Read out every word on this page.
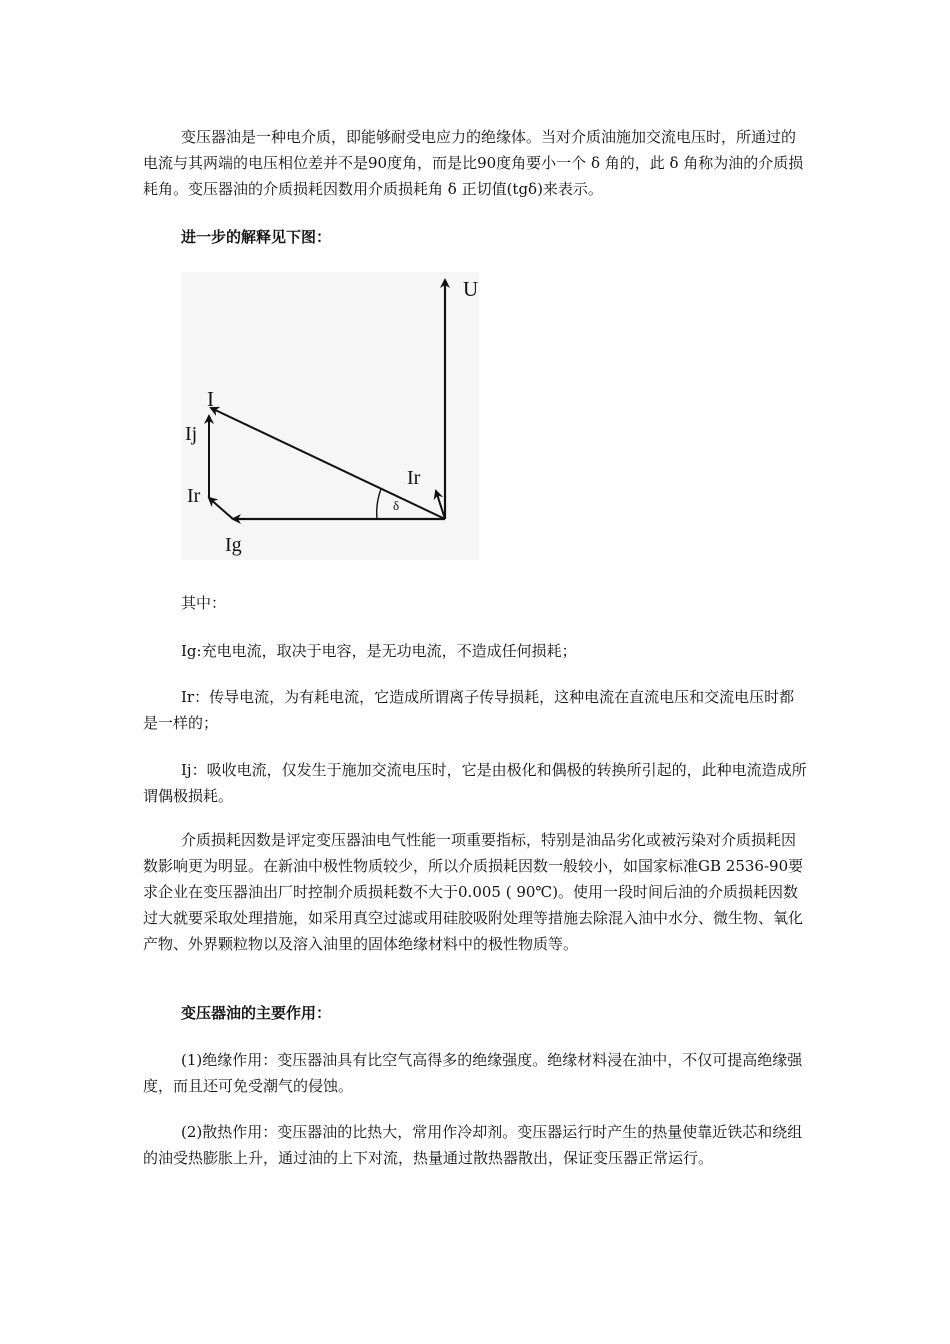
变压器油是一种电介质，即能够耐受电应力的绝缘体。当对介质油施加交流电压时，所通过的电流与其两端的电压相位差并不是90度角，而是比90度角要小一个 δ 角的，此 δ 角称为油的介质损耗角。变压器油的介质损耗因数用介质损耗角 δ 正切值(tgδ)来表示。

进一步的解释见下图：

U
I
Ij
Ir
Ir
Ig
δ

其中：

Ig:充电电流，取决于电容，是无功电流，不造成任何损耗；

Ir：传导电流，为有耗电流，它造成所谓离子传导损耗，这种电流在直流电压和交流电压时都是一样的；

Ij：吸收电流，仅发生于施加交流电压时，它是由极化和偶极的转换所引起的，此种电流造成所谓偶极损耗。

介质损耗因数是评定变压器油电气性能一项重要指标，特别是油品劣化或被污染对介质损耗因数影响更为明显。在新油中极性物质较少，所以介质损耗因数一般较小，如国家标准GB 2536-90要求企业在变压器油出厂时控制介质损耗数不大于0.005 ( 90℃)。使用一段时间后油的介质损耗因数过大就要采取处理措施，如采用真空过滤或用硅胶吸附处理等措施去除混入油中水分、微生物、氧化产物、外界颗粒物以及溶入油里的固体绝缘材料中的极性物质等。

变压器油的主要作用：

(1)绝缘作用：变压器油具有比空气高得多的绝缘强度。绝缘材料浸在油中，不仅可提高绝缘强度，而且还可免受潮气的侵蚀。

(2)散热作用：变压器油的比热大，常用作冷却剂。变压器运行时产生的热量使靠近铁芯和绕组的油受热膨胀上升，通过油的上下对流，热量通过散热器散出，保证变压器正常运行。
